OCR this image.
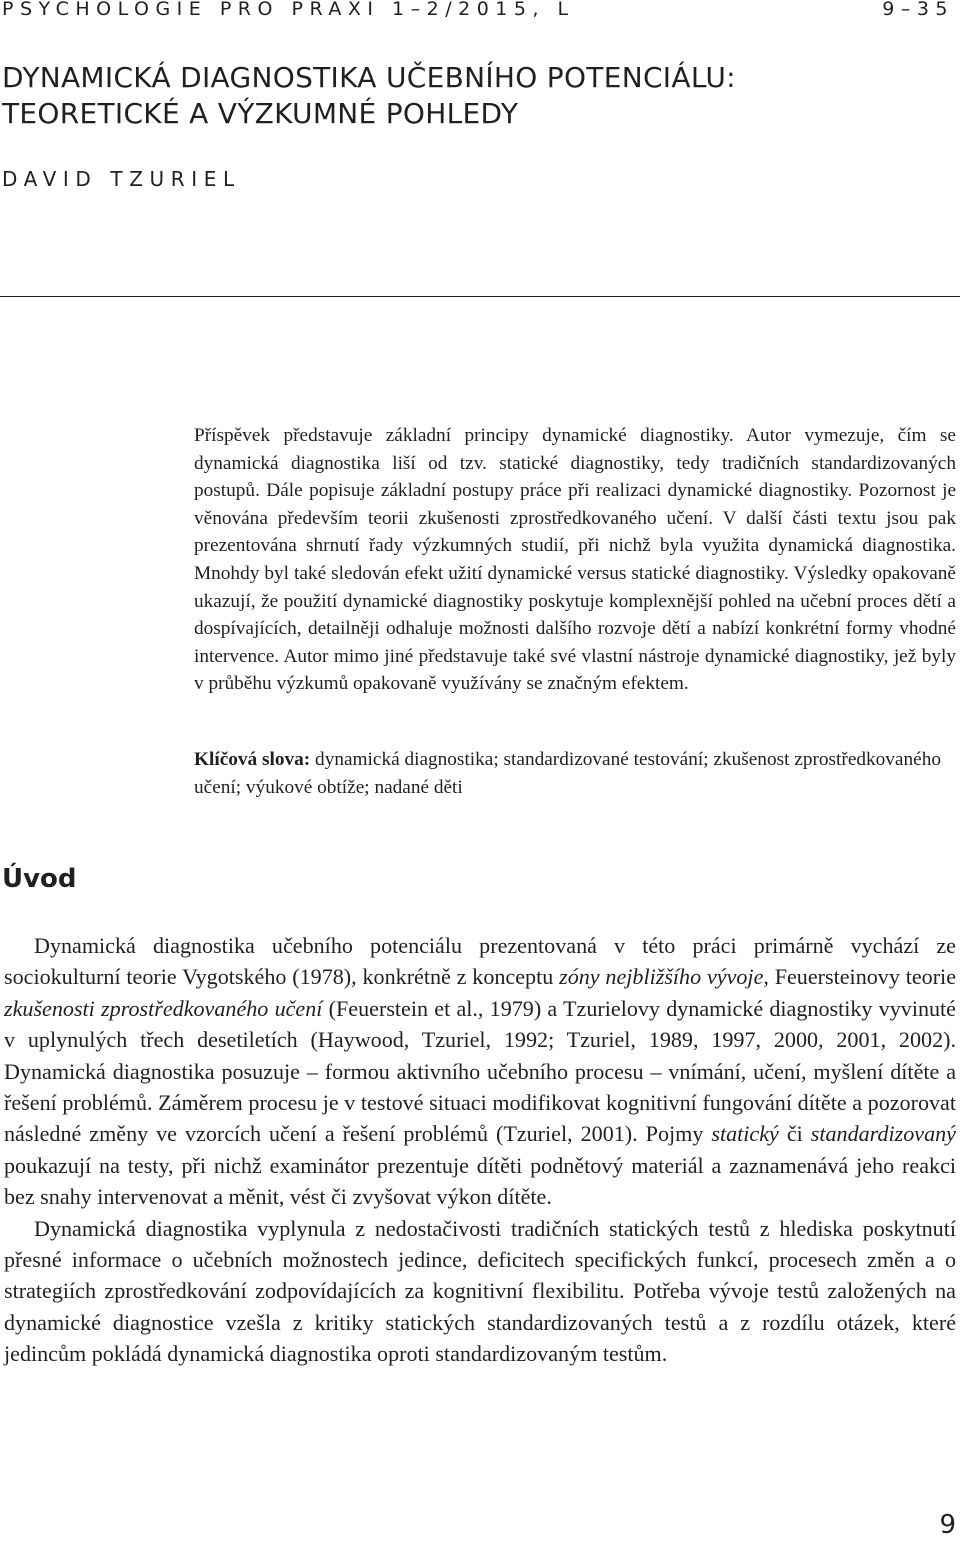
PSYCHOLOGIE PRO PRAXI 1–2/2015, L	9–35
DYNAMICKÁ DIAGNOSTIKA UČEBNÍHO POTENCIÁLU:
TEORETICKÉ A VÝZKUMNÉ POHLEDY
DAVID TZURIEL
Příspěvek představuje základní principy dynamické diagnostiky. Autor vymezuje, čím se dynamická diagnostika liší od tzv. statické diagnostiky, tedy tradičních standardizovaných postupů. Dále popisuje základní postupy práce při realizaci dynamické diagnostiky. Pozornost je věnována především teorii zkušenosti zprostředkovaného učení. V další části textu jsou pak prezentována shrnutí řady výzkumných studií, při nichž byla využita dynamická diagnostika. Mnohdy byl také sledován efekt užití dynamické versus statické diagnostiky. Výsledky opakovaně ukazují, že použití dynamické diagnostiky poskytuje komplexnější pohled na učební proces dětí a dospívajících, detailněji odhaluje možnosti dalšího rozvoje dětí a nabízí konkrétní formy vhodné intervence. Autor mimo jiné představuje také své vlastní nástroje dynamické diagnostiky, jež byly v průběhu výzkumů opakovaně využívány se značným efektem.
Klíčová slova: dynamická diagnostika; standardizované testování; zkušenost zprostředkovaného učení; výukové obtíže; nadané děti
Úvod

Dynamická diagnostika učebního potenciálu prezentovaná v této práci primárně vychází ze sociokulturní teorie Vygotského (1978), konkrétně z konceptu zóny nejbližšího vývoje, Feuersteinovy teorie zkušenosti zprostředkovaného učení (Feuerstein et al., 1979) a Tzurielovy dynamické diagnostiky vyvinuté v uplynulých třech desetiletích (Haywood, Tzuriel, 1992; Tzuriel, 1989, 1997, 2000, 2001, 2002). Dynamická diagnostika posuzuje – formou aktivního učebního procesu – vnímání, učení, myšlení dítěte a řešení problémů. Záměrem procesu je v testové situaci modifikovat kognitivní fungování dítěte a pozorovat následné změny ve vzorcích učení a řešení problémů (Tzuriel, 2001). Pojmy statický či standardizovaný poukazují na testy, při nichž examinátor prezentuje dítěti podnětový materiál a zaznamenává jeho reakci bez snahy intervenovat a měnit, vést či zvyšovat výkon dítěte.

Dynamická diagnostika vyplynula z nedostačivosti tradičních statických testů z hlediska poskytnutí přesné informace o učebních možnostech jedince, deficitech specifických funkcí, procesech změn a o strategiích zprostředkování zodpovídajících za kognitivní flexibilitu. Potřeba vývoje testů založených na dynamické diagnostice vzešla z kritiky statických standardizovaných testů a z rozdílu otázek, které jedincům pokládá dynamická diagnostika oproti standardizovaným testům.

9
